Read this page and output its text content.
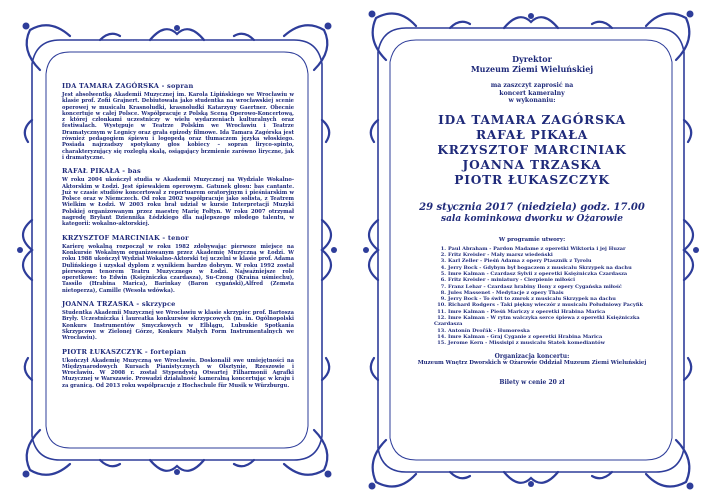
IDA TAMARA ZAGÓRSKA - sopran
Jest absolwentką Akademii Muzycznej im. Karola Lipińskiego we Wrocławiu w klasie prof. Zofii Grajnert. Debiutowała jako studentka na wrocławskiej scenie operowej w musicalu Krasnoludki, krasnoludki Katarzyny Gaertner. Obecnie koncertuje w całej Polsce. Współpracuje z Polską Sceną Operowo-Koncertową, z której członkami uczestniczy w wielu wydarzeniach kulturalnych oraz festiwalach. Występuje w Teatrze Polskim we Wrocławiu i Teatrze Dramatycznym w Legnicy oraz grała epizody filmowe. Ida Tamara Zagórska jest również pedagogiem śpiewu i logopedą oraz tłumaczem języka włoskiego. Posiada najrzadszy spotykany głos kobiecy – sopran liryco-spinto, charakteryzujący się rozległą skalą, osiągający brzmienie zarówno liryczne, jak i dramatyczne.
RAFAŁ PIKAŁA - bas
W roku 2004 ukończył studia w Akademii Muzycznej na Wydziale Wokalno-Aktorskim w Łodzi. Jest śpiewakiem operowym. Gatunek głosu: bas cantante. Już w czasie studiów koncertował z repertuarem oratoryjnym i pieśniarskim w Polsce oraz w Niemczech. Od roku 2002 współpracuje jako solista, z Teatrem Wielkim w Łodzi. W 2003 roku brał udział w kursie Interpretacji Muzyki Polskiej organizowanym przez maestrę Marię Fołtyn. W roku 2007 otrzymał nagrodę Bryłant Dziennika Łódzkiego dla najlepszego młodego talentu, w kategorii: wokalno-aktorskiej.
KRZYSZTOF MARCINIAK - tenor
Karierę wokalną rozpoczął w roku 1982 zdobywając pierwsze miejsce na Konkursie Wokalnym organizowanym przez Akademię Muzyczną w Łodzi. W roku 1988 ukończył Wydział Wokalno-Aktorski tej uczelni w klasie prof. Adama Dulińskiego i uzyskał dyplom z wynikiem bardzo dobrym. W roku 1992 został pierwszym tenorem Teatru Muzycznego w Łodzi. Najważniejsze role operetkowe: to Edwin (Księżniczka czardasza), Su-Czong (Kraina uśmiechu), Tassilo (Hrabina Marica), Barinkay (Baron cygański),Alfred (Zemsta nietoperza), Camille (Wesoła wdówka).
JOANNA TRZASKA - skrzypce
Studentka Akademii Muzycznej we Wrocławiu w klasie skrzypiec prof. Bartosza Bryły. Uczestniczka i laureatka konkursów skrzypcowych (m. in. Ogólnopolski Konkurs Instrumentów Smyczkowych w Elblągu, Lubuskie Spotkania Skrzypcowe w Zielonej Górze, Konkurs Małych Form Instrumentalnych we Wrocławiu).
PIOTR ŁUKASZCZYK - fortepian
Ukończył Akademię Muzyczną we Wrocławiu. Doskonalił swe umiejętności na Międzynarodowych Kursach Pianistycznych w Olsztynie, Rzeszowie i Wrocławiu. W 2008 r. został Stypendystą Otwartej Filharmonii Agrafki Muzycznej w Warszawie. Prowadzi działalność kameralną koncertując w kraju i za granicą. Od 2013 roku współpracuje z Hochschule für Musik w Würzburgu.
Dyrektor
Muzeum Ziemi Wieluńskiej
ma zaszczyt zaprosić na
koncert kameralny
w wykonaniu:
IDA TAMARA ZAGÓRSKA
RAFAŁ PIKAŁA
KRZYSZTOF MARCINIAK
JOANNA TRZASKA
PIOTR ŁUKASZCZYK
29 stycznia 2017 (niedziela) godz. 17.00
sala kominkowa dworku w Ożarowie
W programie utwory:
1. Paul Abraham - Pardon Madame z operetki Wiktoria i jej Huzar
2. Fritz Kreisler - Mały marsz wiedeński
3. Karl Zeller - Pieśń Adama z opery Ptasznik z Tyrolu
4. Jerry Bock - Gdybym był bogaczem z musicalu Skrzypek na dachu
5. Imre Kalman - Czardasz Sylvii z operetki Księżniczka Czardasza
6. Fritz Kreisler - miniatury - Cierpienie miłości
7. Franz Lehar - Czardasz hrabiny Ilony z opery Cygańska miłość
8. Jules Massenet - Medytacje z opery Thais
9. Jerry Bock - To świt to zmrok z musicalu Skrzypek na dachu
10. Richard Rodgers - Taki piękny wieczór z musicalu Południowy Pacyfik
11. Imre Kalman - Pieśń Mariczy z operetki Hrabina Marica
12. Imre Kalman - W rytm walczyka serce śpiewa z operetki Księżniczka Czardasza
13. Antonín Dvořák - Humoreska
14. Imre Kalman - Graj Cyganie z operetki Hrabina Marica
15. Jerome Kern - Missisipi z musicalu Statek komediantów
Organizacja koncertu:
Muzeum Wnętrz Dworskich w Ożarowie Oddział Muzeum Ziemi Wieluńskiej
Bilety w cenie 20 zł
